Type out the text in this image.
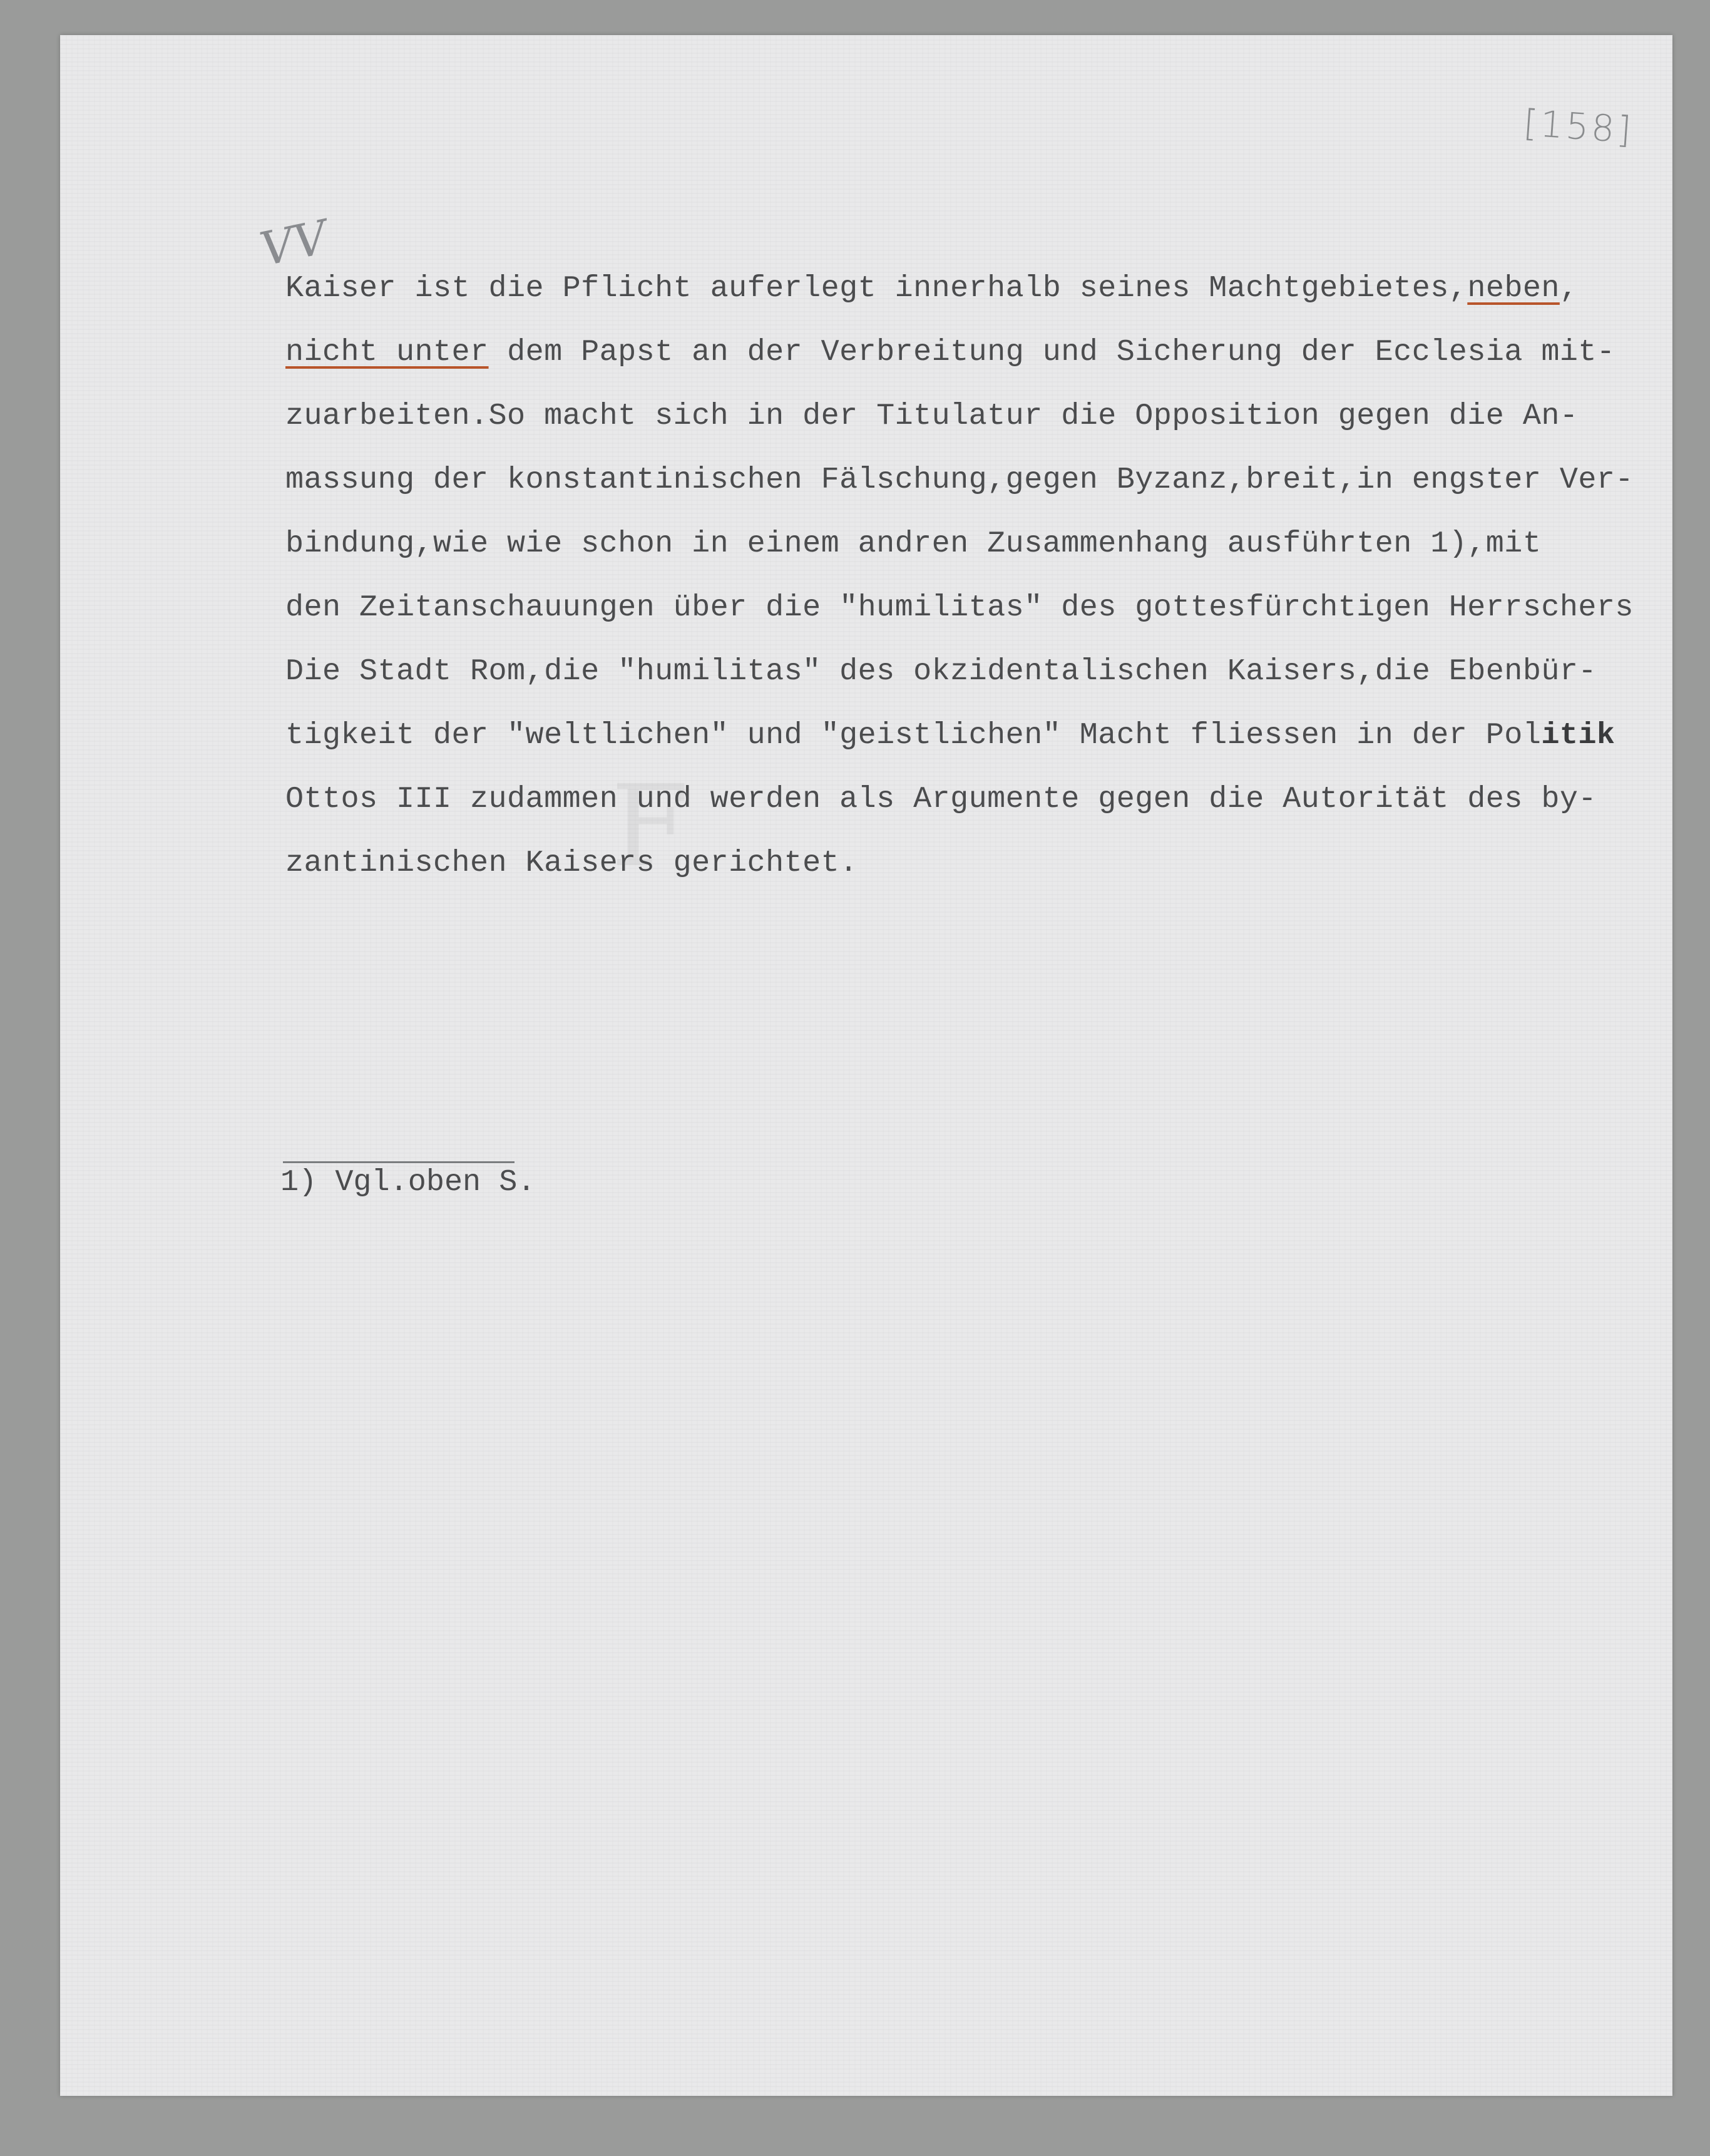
ꟻ
[158]
VV
Kaiser ist die Pflicht auferlegt innerhalb seines Machtgebietes,neben,
nicht unter dem Papst an der Verbreitung und Sicherung der Ecclesia mit-
zuarbeiten.So macht sich in der Titulatur die Opposition gegen die An-
massung der konstantinischen Fälschung,gegen Byzanz,breit,in engster Ver-
bindung,wie wie schon in einem andren Zusammenhang ausführten 1),mit
den Zeitanschauungen über die "humilitas" des gottesfürchtigen Herrschers
Die Stadt Rom,die "humilitas" des okzidentalischen Kaisers,die Ebenbür-
tigkeit der "weltlichen" und "geistlichen" Macht fliessen in der Politik
Ottos III zudammen und werden als Argumente gegen die Autorität des by-
zantinischen Kaisers gerichtet.
1) Vgl.oben S.
